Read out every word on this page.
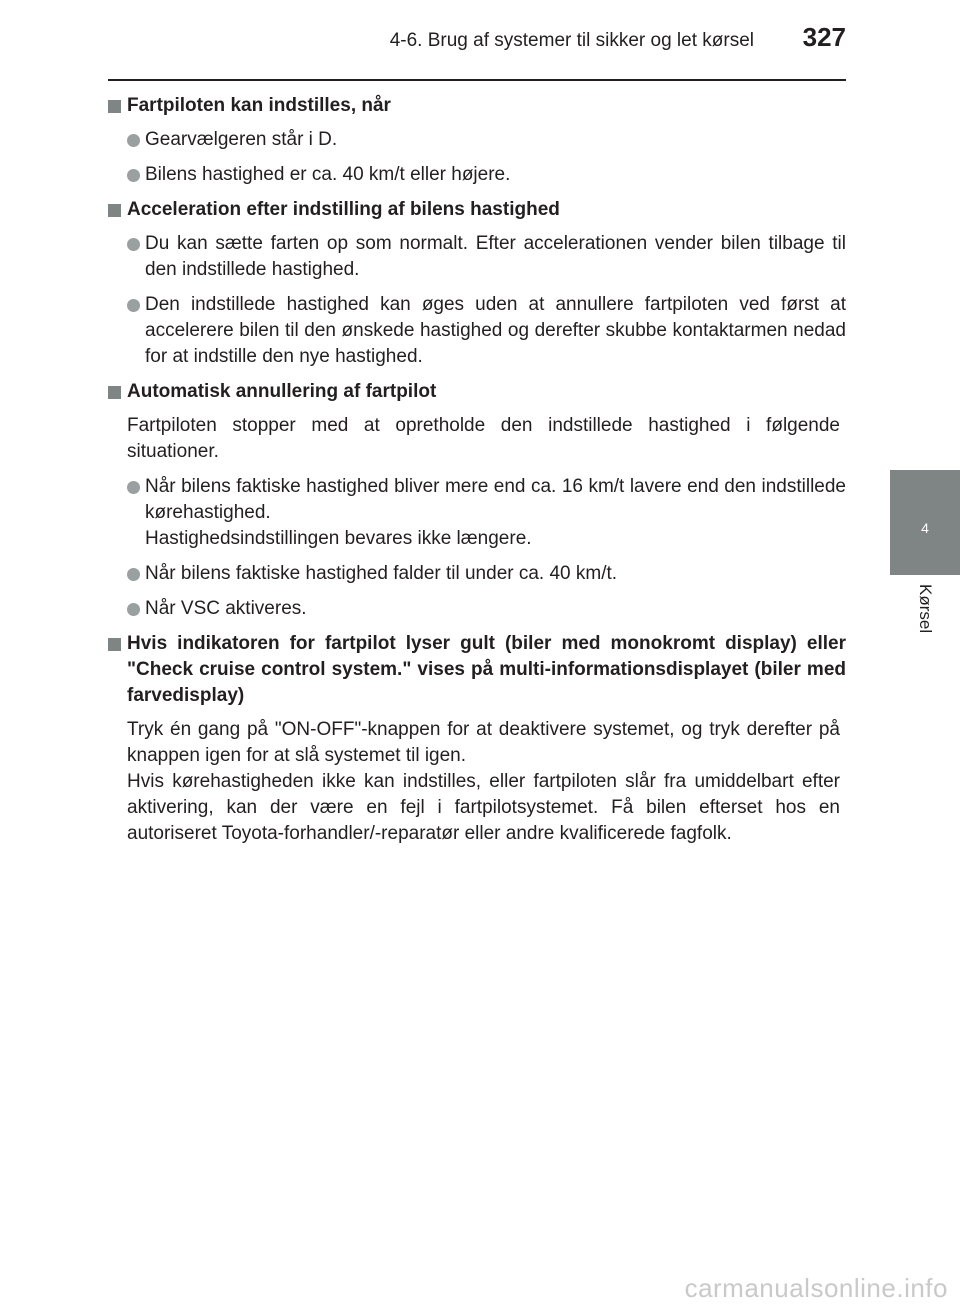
4-6. Brug af systemer til sikker og let kørsel 327
4
Kørsel
Fartpiloten kan indstilles, når
Gearvælgeren står i D.
Bilens hastighed er ca. 40 km/t eller højere.
Acceleration efter indstilling af bilens hastighed
Du kan sætte farten op som normalt. Efter accelerationen vender bilen tilbage til den indstillede hastighed.
Den indstillede hastighed kan øges uden at annullere fartpiloten ved først at accelerere bilen til den ønskede hastighed og derefter skubbe kontaktarmen nedad for at indstille den nye hastighed.
Automatisk annullering af fartpilot
Fartpiloten stopper med at opretholde den indstillede hastighed i følgende situationer.
Når bilens faktiske hastighed bliver mere end ca. 16 km/t lavere end den indstillede kørehastighed.
Hastighedsindstillingen bevares ikke længere.
Når bilens faktiske hastighed falder til under ca. 40 km/t.
Når VSC aktiveres.
Hvis indikatoren for fartpilot lyser gult (biler med monokromt display) eller "Check cruise control system." vises på multi-informationsdisplayet (biler med farvedisplay)
Tryk én gang på "ON-OFF"-knappen for at deaktivere systemet, og tryk derefter på knappen igen for at slå systemet til igen.
Hvis kørehastigheden ikke kan indstilles, eller fartpiloten slår fra umiddelbart efter aktivering, kan der være en fejl i fartpilotsystemet. Få bilen efterset hos en autoriseret Toyota-forhandler/-reparatør eller andre kvalificerede fagfolk.
carmanualsonline.info
